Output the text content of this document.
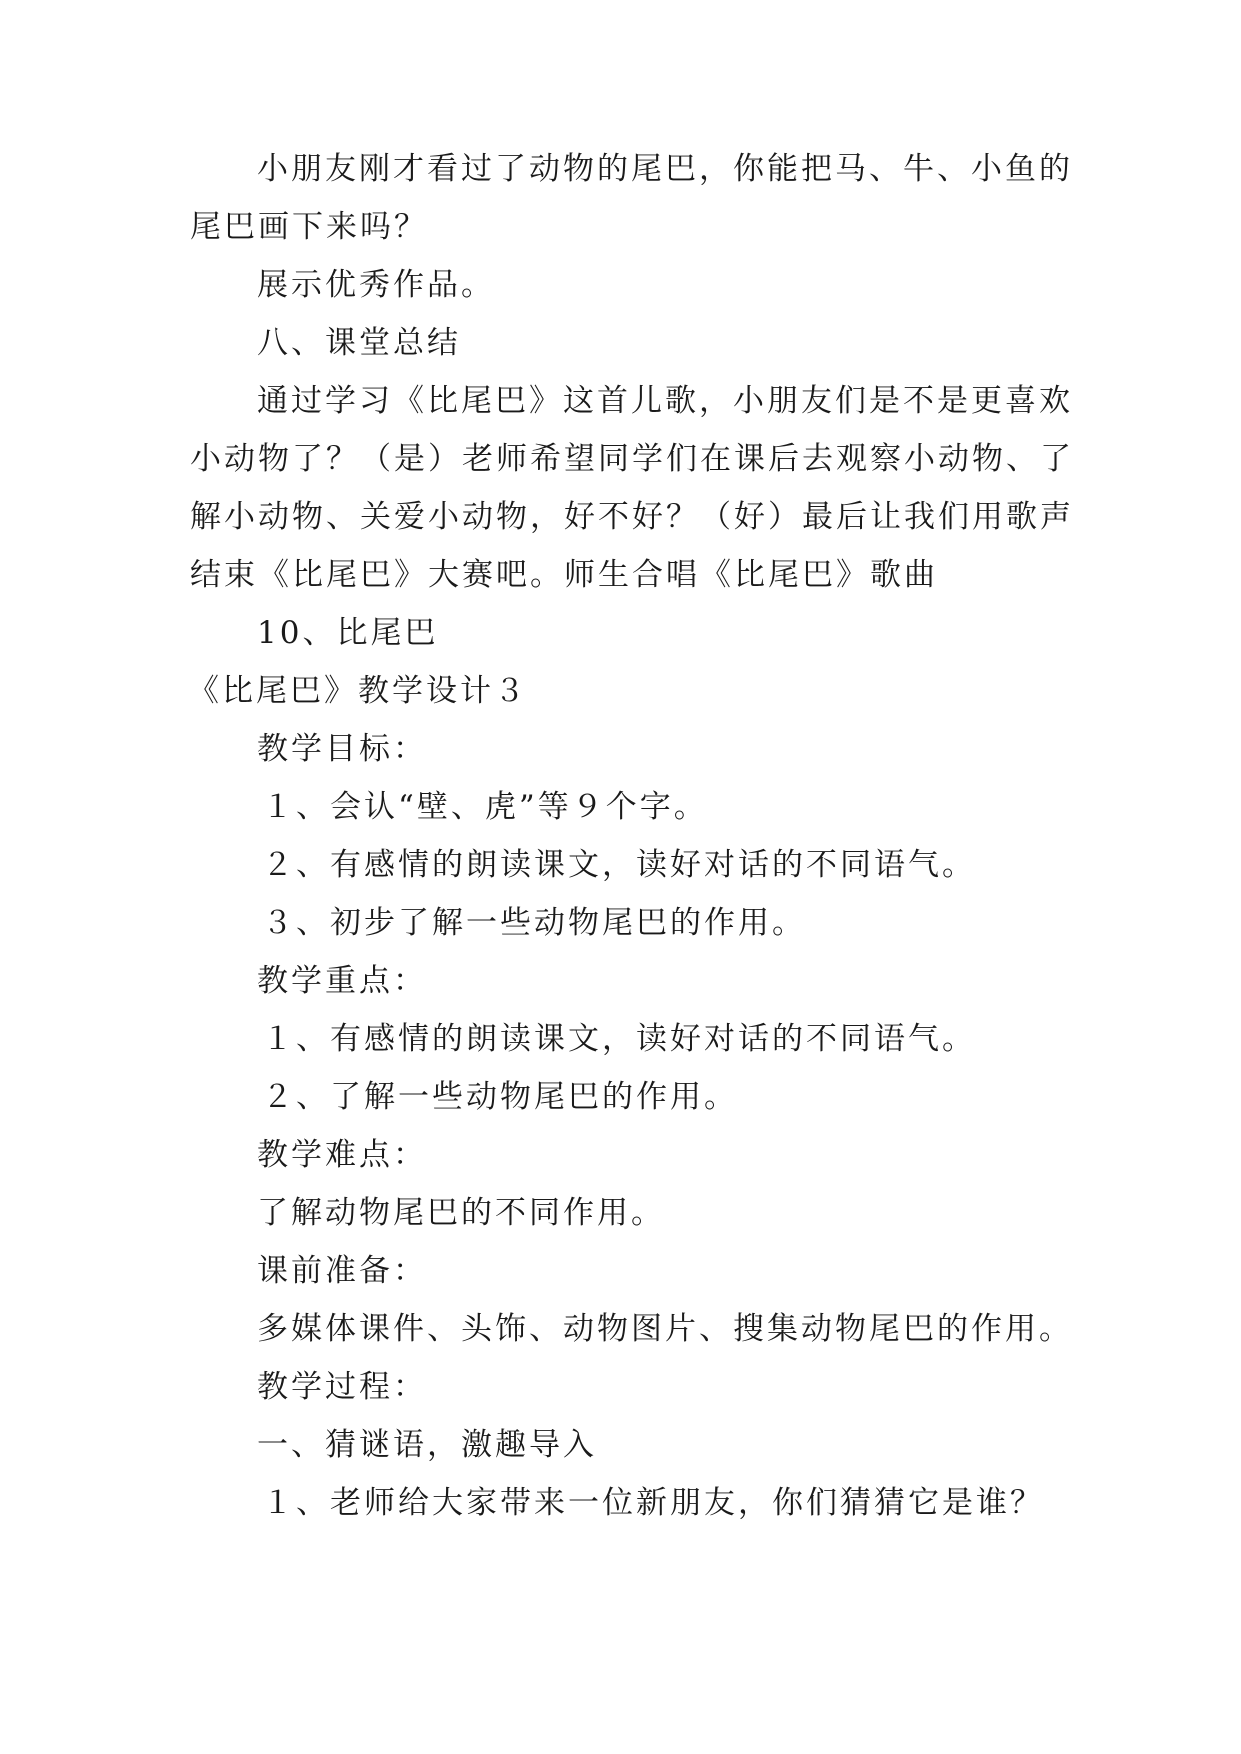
小朋友刚才看过了动物的尾巴，你能把马、牛、小鱼的
尾巴画下来吗？
展示优秀作品。
八、课堂总结
通过学习《比尾巴》这首儿歌，小朋友们是不是更喜欢
小动物了？（是）老师希望同学们在课后去观察小动物、了
解小动物、关爱小动物，好不好？（好）最后让我们用歌声
结束《比尾巴》大赛吧。师生合唱《比尾巴》歌曲
10、比尾巴
《比尾巴》教学设计３
教学目标：
１、会认“壁、虎”等９个字。
２、有感情的朗读课文，读好对话的不同语气。
３、初步了解一些动物尾巴的作用。
教学重点：
１、有感情的朗读课文，读好对话的不同语气。
２、了解一些动物尾巴的作用。
教学难点：
了解动物尾巴的不同作用。
课前准备：
多媒体课件、头饰、动物图片、搜集动物尾巴的作用。
教学过程：
一、猜谜语，激趣导入
１、老师给大家带来一位新朋友，你们猜猜它是谁？
